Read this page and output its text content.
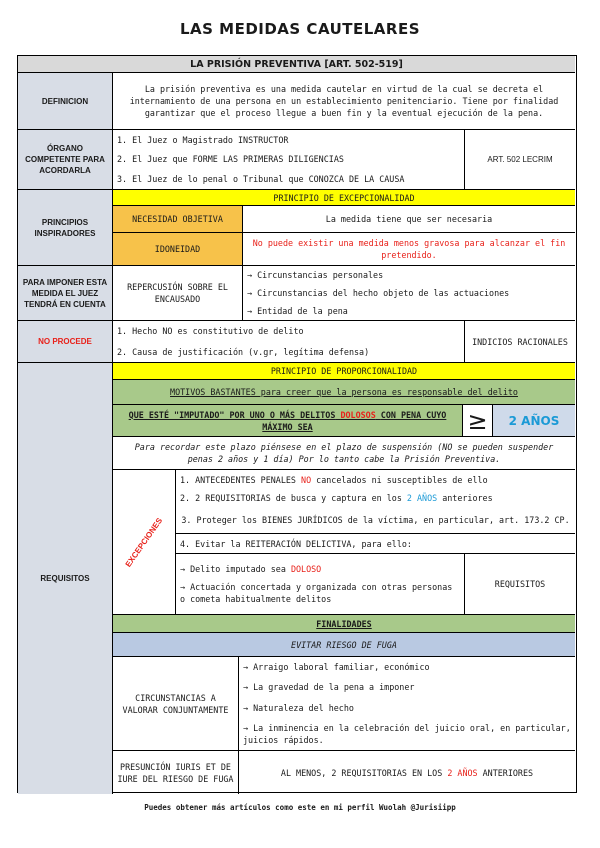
LAS MEDIDAS CAUTELARES
LA PRISIÓN PREVENTIVA [ART. 502-519]
DEFINICION
La prisión preventiva es una medida cautelar en virtud de la cual se decreta el internamiento de una persona en un establecimiento penitenciario. Tiene por finalidad garantizar que el proceso llegue a buen fin y la eventual ejecución de la pena.
ÓRGANO COMPETENTE PARA ACORDARLA
1. El Juez o Magistrado INSTRUCTOR
2. El Juez que FORME LAS PRIMERAS DILIGENCIAS
3. El Juez de lo penal o Tribunal que CONOZCA DE LA CAUSA
ART. 502 LECRIM
PRINCIPIOS INSPIRADORES
PRINCIPIO DE EXCEPCIONALIDAD
NECESIDAD OBJETIVA	La medida tiene que ser necesaria
IDONEIDAD
No puede existir una medida menos gravosa para alcanzar el fin pretendido.
PARA IMPONER ESTA MEDIDA EL JUEZ TENDRÁ EN CUENTA
REPERCUSIÓN SOBRE EL ENCAUSADO
→ Circunstancias personales
→ Circunstancias del hecho objeto de las actuaciones
→ Entidad de la pena
NO PROCEDE
1. Hecho NO es constitutivo de delito
2. Causa de justificación (v.gr, legítima defensa)
INDICIOS RACIONALES
REQUISITOS
PRINCIPIO DE PROPORCIONALIDAD
MOTIVOS BASTANTES para creer que la persona es responsable del delito
QUE ESTÉ "IMPUTADO" POR UNO O MÁS DELITOS DOLOSOS CON PENA CUYO MÁXIMO SEA	≥ 2 AÑOS
Para recordar este plazo piénsese en el plazo de suspensión (NO se pueden suspender penas 2 años y 1 día) Por lo tanto cabe la Prisión Preventiva.
EXCEPCIONES
1. ANTECEDENTES PENALES NO cancelados ni susceptibles de ello
2. 2 REQUISITORIAS de busca y captura en los 2 AÑOS anteriores
3. Proteger los BIENES JURÍDICOS de la víctima, en particular, art. 173.2 CP.
4. Evitar la REITERACIÓN DELICTIVA, para ello:
→ Delito imputado sea DOLOSO
→ Actuación concertada y organizada con otras personas o cometa habitualmente delitos
REQUISITOS
FINALIDADES
EVITAR RIESGO DE FUGA
CIRCUNSTANCIAS A VALORAR CONJUNTAMENTE
→ Arraigo laboral familiar, económico
→ La gravedad de la pena a imponer
→ Naturaleza del hecho
→ La inminencia en la celebración del juicio oral, en particular, juicios rápidos.
PRESUNCIÓN IURIS ET DE IURE DEL RIESGO DE FUGA
AL MENOS, 2 REQUISITORIAS EN LOS 2 AÑOS ANTERIORES
Puedes obtener más artículos como este en mi perfil Wuolah @Jurisiipp
